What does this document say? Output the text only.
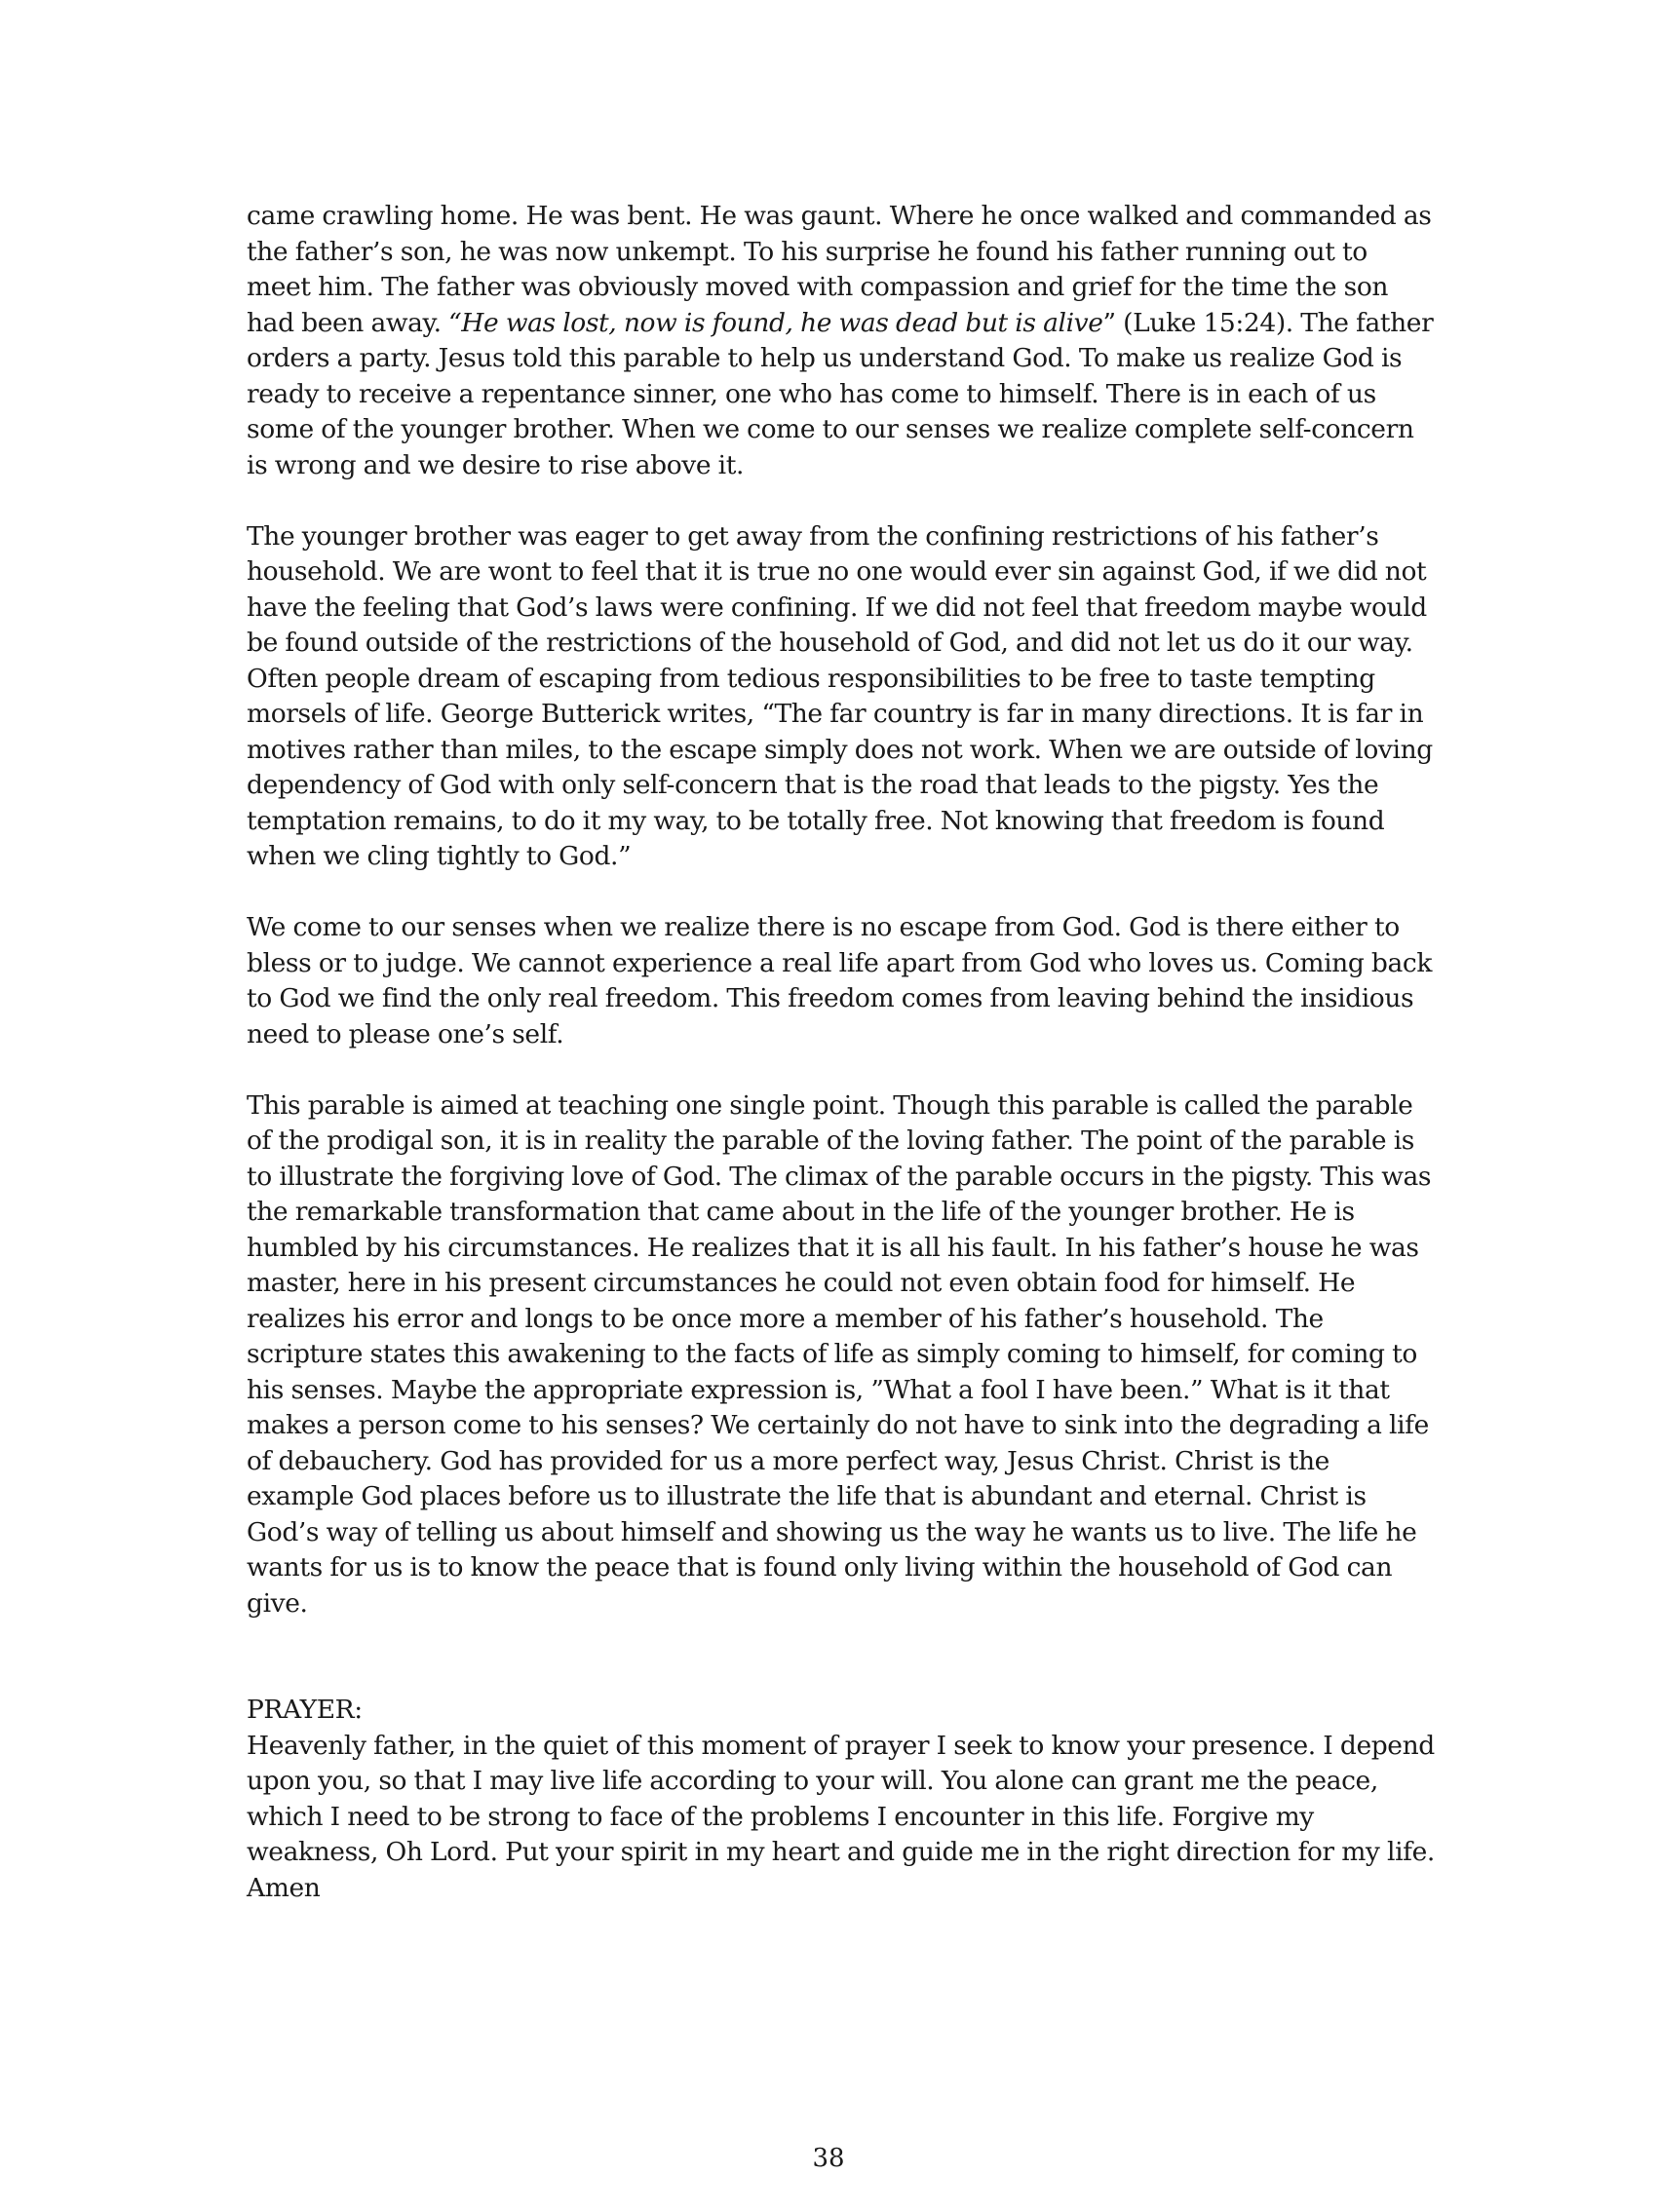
came crawling home. He was bent. He was gaunt. Where he once walked and commanded as the father’s son, he was now unkempt. To his surprise he found his father running out to meet him. The father was obviously moved with compassion and grief for the time the son had been away. “He was lost, now is found, he was dead but is alive” (Luke 15:24). The father orders a party. Jesus told this parable to help us understand God. To make us realize God is ready to receive a repentance sinner, one who has come to himself. There is in each of us some of the younger brother. When we come to our senses we realize complete self-concern is wrong and we desire to rise above it.

The younger brother was eager to get away from the confining restrictions of his father’s household. We are wont to feel that it is true no one would ever sin against God, if we did not have the feeling that God’s laws were confining. If we did not feel that freedom maybe would be found outside of the restrictions of the household of God, and did not let us do it our way. Often people dream of escaping from tedious responsibilities to be free to taste tempting morsels of life. George Butterick writes, “The far country is far in many directions. It is far in motives rather than miles, to the escape simply does not work. When we are outside of loving dependency of God with only self-concern that is the road that leads to the pigsty. Yes the temptation remains, to do it my way, to be totally free. Not knowing that freedom is found when we cling tightly to God.”

We come to our senses when we realize there is no escape from God. God is there either to bless or to judge. We cannot experience a real life apart from God who loves us. Coming back to God we find the only real freedom. This freedom comes from leaving behind the insidious need to please one’s self.

This parable is aimed at teaching one single point. Though this parable is called the parable of the prodigal son, it is in reality the parable of the loving father. The point of the parable is to illustrate the forgiving love of God. The climax of the parable occurs in the pigsty. This was the remarkable transformation that came about in the life of the younger brother. He is humbled by his circumstances. He realizes that it is all his fault. In his father’s house he was master, here in his present circumstances he could not even obtain food for himself. He realizes his error and longs to be once more a member of his father’s household. The scripture states this awakening to the facts of life as simply coming to himself, for coming to his senses. Maybe the appropriate expression is, ”What a fool I have been.” What is it that makes a person come to his senses? We certainly do not have to sink into the degrading a life of debauchery. God has provided for us a more perfect way, Jesus Christ. Christ is the example God places before us to illustrate the life that is abundant and eternal. Christ is God’s way of telling us about himself and showing us the way he wants us to live. The life he wants for us is to know the peace that is found only living within the household of God can give.

PRAYER:

Heavenly father, in the quiet of this moment of prayer I seek to know your presence. I depend upon you, so that I may live life according to your will. You alone can grant me the peace, which I need to be strong to face of the problems I encounter in this life. Forgive my weakness, Oh Lord. Put your spirit in my heart and guide me in the right direction for my life. Amen

38
